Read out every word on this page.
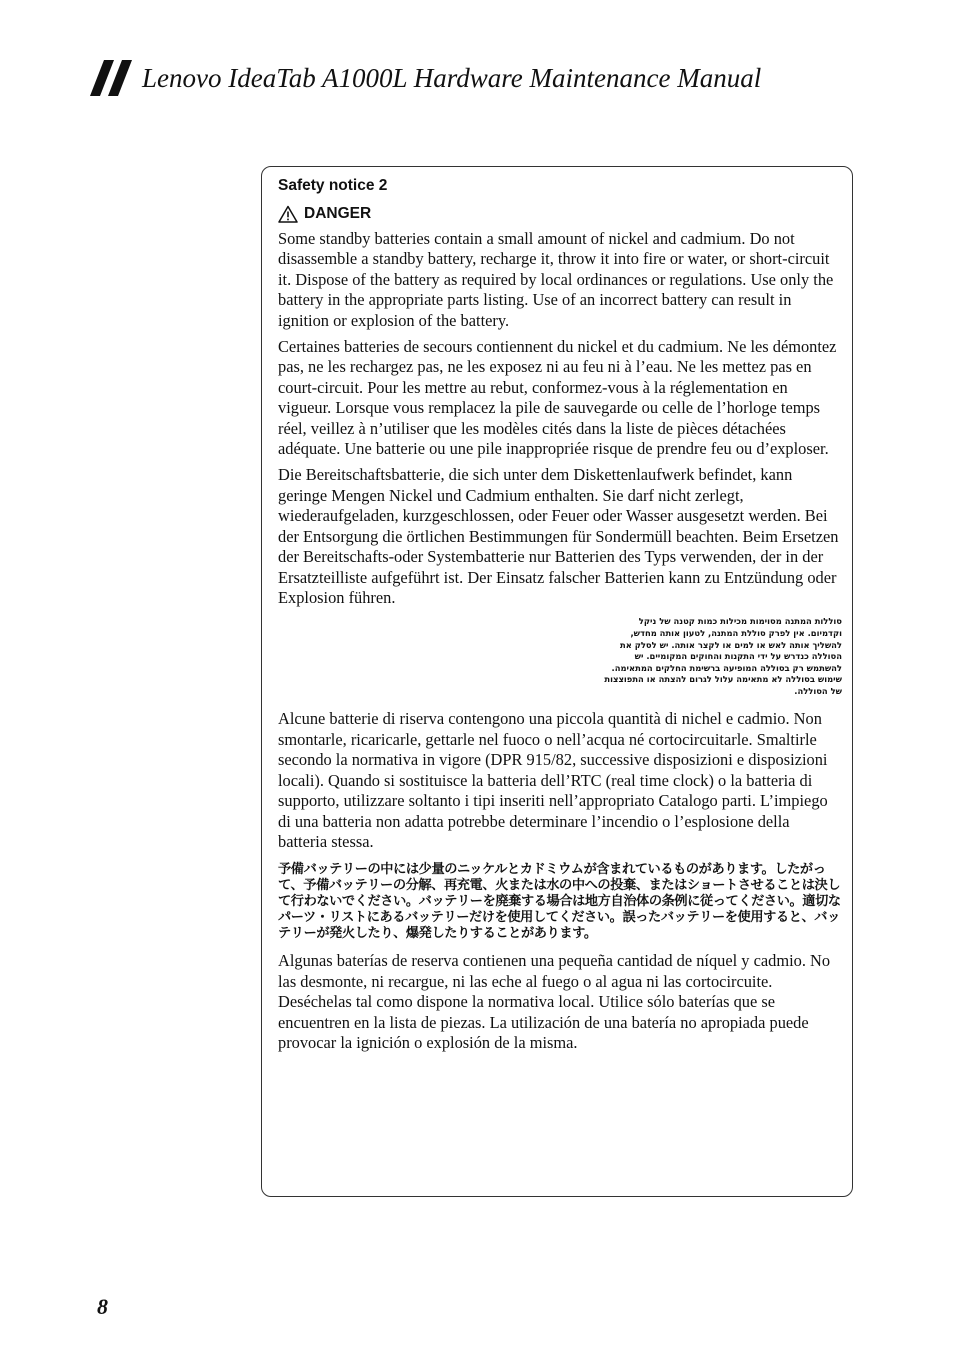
Lenovo IdeaTab A1000L Hardware Maintenance Manual
Safety notice 2
DANGER

Some standby batteries contain a small amount of nickel and cadmium. Do not disassemble a standby battery, recharge it, throw it into fire or water, or short-circuit it. Dispose of the battery as required by local ordinances or regulations. Use only the battery in the appropriate parts listing. Use of an incorrect battery can result in ignition or explosion of the battery.

Certaines batteries de secours contiennent du nickel et du cadmium. Ne les démontez pas, ne les rechargez pas, ne les exposez ni au feu ni à l’eau. Ne les mettez pas en court-circuit. Pour les mettre au rebut, conformez-vous à la réglementation en vigueur. Lorsque vous remplacez la pile de sauvegarde ou celle de l’horloge temps réel, veillez à n’utiliser que les modèles cités dans la liste de pièces détachées adéquate. Une batterie ou une pile inappropriée risque de prendre feu ou d’exploser.

Die Bereitschaftsbatterie, die sich unter dem Diskettenlaufwerk befindet, kann geringe Mengen Nickel und Cadmium enthalten. Sie darf nicht zerlegt, wiederaufgeladen, kurzgeschlossen, oder Feuer oder Wasser ausgesetzt werden. Bei der Entsorgung die örtlichen Bestimmungen für Sondermüll beachten. Beim Ersetzen der Bereitschafts-oder Systembatterie nur Batterien des Typs verwenden, der in der Ersatzteilliste aufgeführt ist. Der Einsatz falscher Batterien kann zu Entzündung oder Explosion führen.

סוללות המתנה מסוימות מכילות כמות קטנה של ניקל וקדמיום. אין לפרק סוללת המתנה, לטעון אותה מחדש, להשליך אותה לאש או למים או לקצר אותה. יש לסלק את הסוללה כנדרש על ידי התקנות והחוקים המקומיים. יש להשתמש רק בסוללה המופיעה ברשימת החלקים המתאימה. שימוש בסוללה לא מתאימה עלול לגרום להצתה או התפוצצות של הסוללה.

Alcune batterie di riserva contengono una piccola quantità di nichel e cadmio. Non smontarle, ricaricarle, gettarle nel fuoco o nell’acqua né cortocircuitarle. Smaltirle secondo la normativa in vigore (DPR 915/82, successive disposizioni e disposizioni locali). Quando si sostituisce la batteria dell’RTC (real time clock) o la batteria di supporto, utilizzare soltanto i tipi inseriti nell’appropriato Catalogo parti. L’impiego di una batteria non adatta potrebbe determinare l’incendio o l’esplosione della batteria stessa.

予備バッテリーの中には少量のニッケルとカドミウムが含まれているものがあります。したがって、予備バッテリーの分解、再充電、火または水の中への投棄、またはショートさせることは決して行わないでください。バッテリーを廃棄する場合は地方自治体の条例に従ってください。適切なパーツ・リストにあるバッテリーだけを使用してください。誤ったバッテリーを使用すると、バッテリーが発火したり、爆発したりすることがあります。

Algunas baterías de reserva contienen una pequeña cantidad de níquel y cadmio. No las desmonte, ni recargue, ni las eche al fuego o al agua ni las cortocircuite. Deséchelas tal como dispone la normativa local. Utilice sólo baterías que se encuentren en la lista de piezas. La utilización de una batería no apropiada puede provocar la ignición o explosión de la misma.

8
